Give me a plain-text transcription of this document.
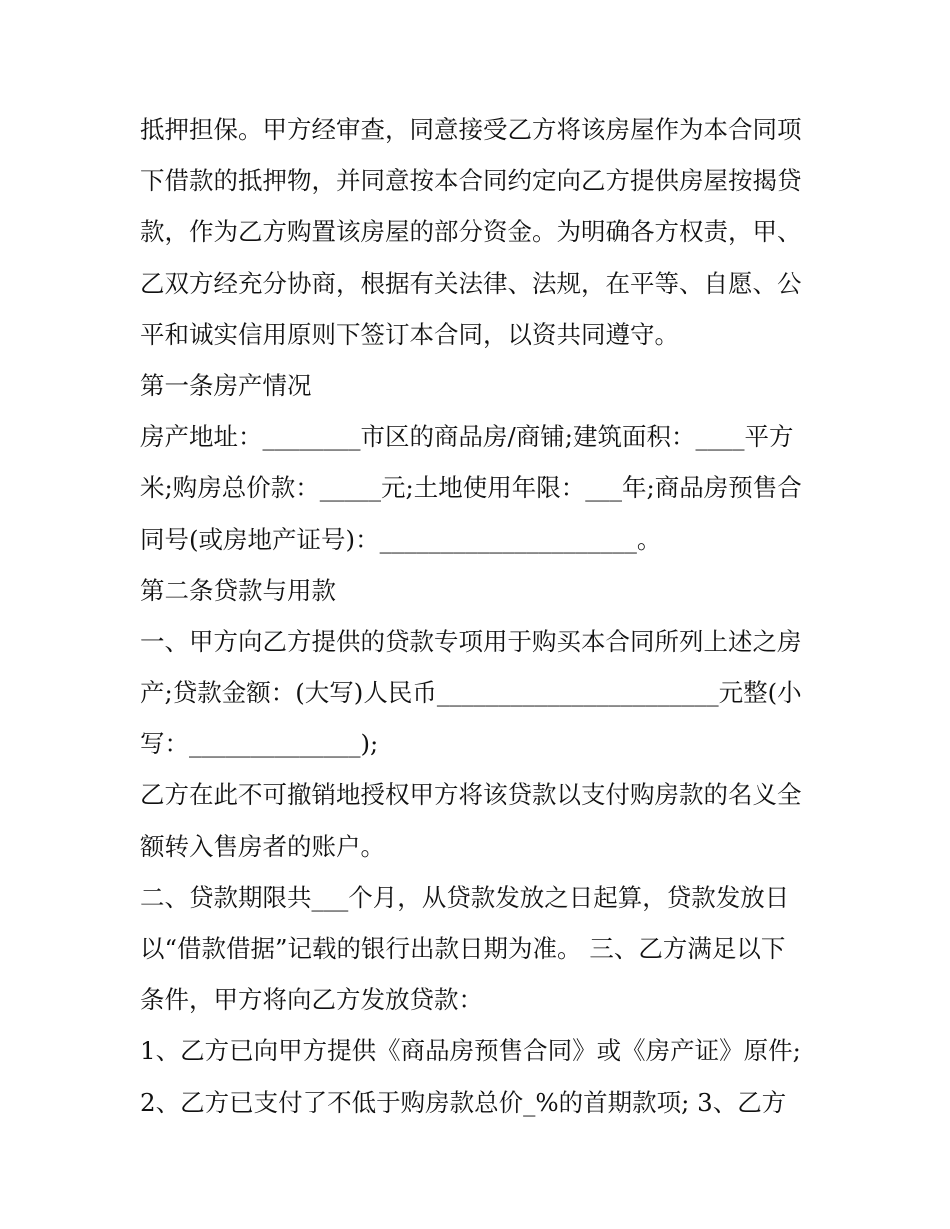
抵押担保。甲方经审查，同意接受乙方将该房屋作为本合同项
下借款的抵押物，并同意按本合同约定向乙方提供房屋按揭贷
款，作为乙方购置该房屋的部分资金。为明确各方权责，甲、
乙双方经充分协商，根据有关法律、法规，在平等、自愿、公
平和诚实信用原则下签订本合同，以资共同遵守。
第一条房产情况
房产地址：________市区的商品房/商铺;建筑面积：____平方
米;购房总价款：_____元;土地使用年限：___年;商品房预售合
同号(或房地产证号)：_____________________。
第二条贷款与用款
一、甲方向乙方提供的贷款专项用于购买本合同所列上述之房
产;贷款金额：(大写)人民币_______________________元整(小
写：______________);
乙方在此不可撤销地授权甲方将该贷款以支付购房款的名义全
额转入售房者的账户。
二、贷款期限共___个月，从贷款发放之日起算，贷款发放日
以“借款借据”记载的银行出款日期为准。 三、乙方满足以下
条件，甲方将向乙方发放贷款：
1、乙方已向甲方提供《商品房预售合同》或《房产证》原件;
2、乙方已支付了不低于购房款总价_%的首期款项; 3、乙方
